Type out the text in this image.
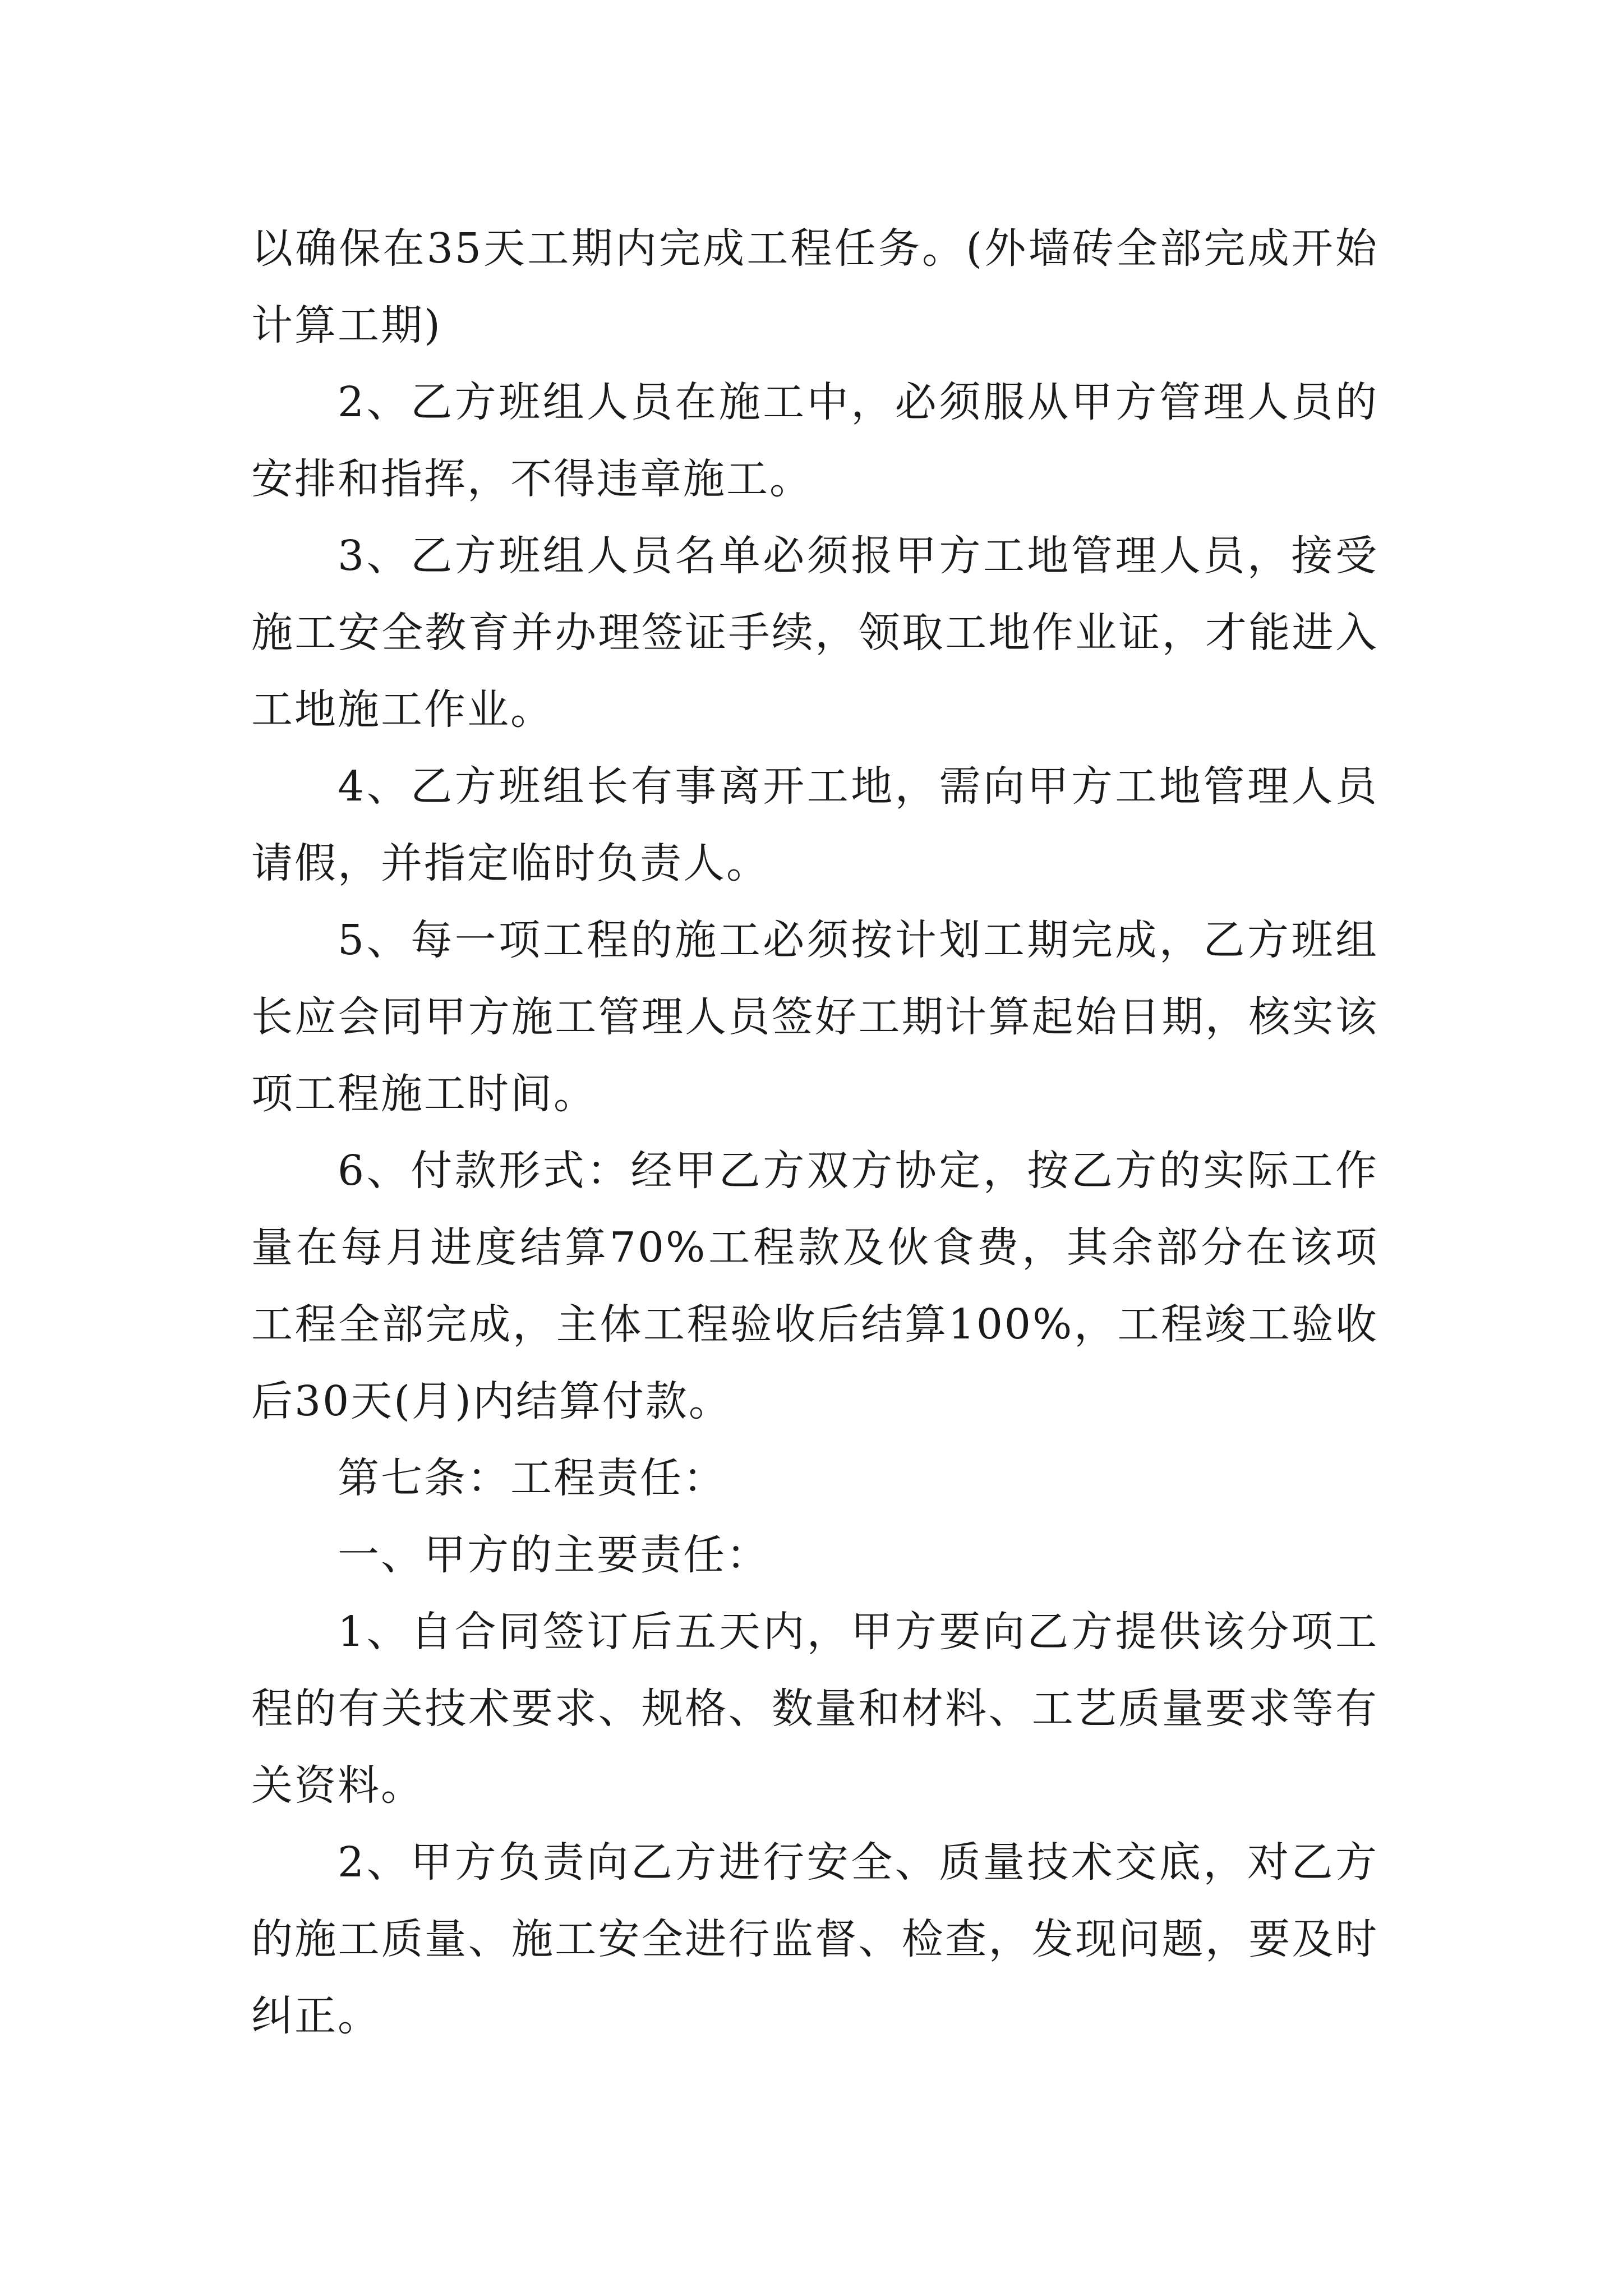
以确保在35天工期内完成工程任务。(外墙砖全部完成开始计算工期)

2、乙方班组人员在施工中，必须服从甲方管理人员的安排和指挥，不得违章施工。

3、乙方班组人员名单必须报甲方工地管理人员，接受施工安全教育并办理签证手续，领取工地作业证，才能进入工地施工作业。

4、乙方班组长有事离开工地，需向甲方工地管理人员请假，并指定临时负责人。

5、每一项工程的施工必须按计划工期完成，乙方班组长应会同甲方施工管理人员签好工期计算起始日期，核实该项工程施工时间。

6、付款形式：经甲乙方双方协定，按乙方的实际工作量在每月进度结算70%工程款及伙食费，其余部分在该项工程全部完成，主体工程验收后结算100%，工程竣工验收后30天(月)内结算付款。

第七条：工程责任：

一、甲方的主要责任：

1、自合同签订后五天内，甲方要向乙方提供该分项工程的有关技术要求、规格、数量和材料、工艺质量要求等有关资料。

2、甲方负责向乙方进行安全、质量技术交底，对乙方的施工质量、施工安全进行监督、检查，发现问题，要及时纠正。
